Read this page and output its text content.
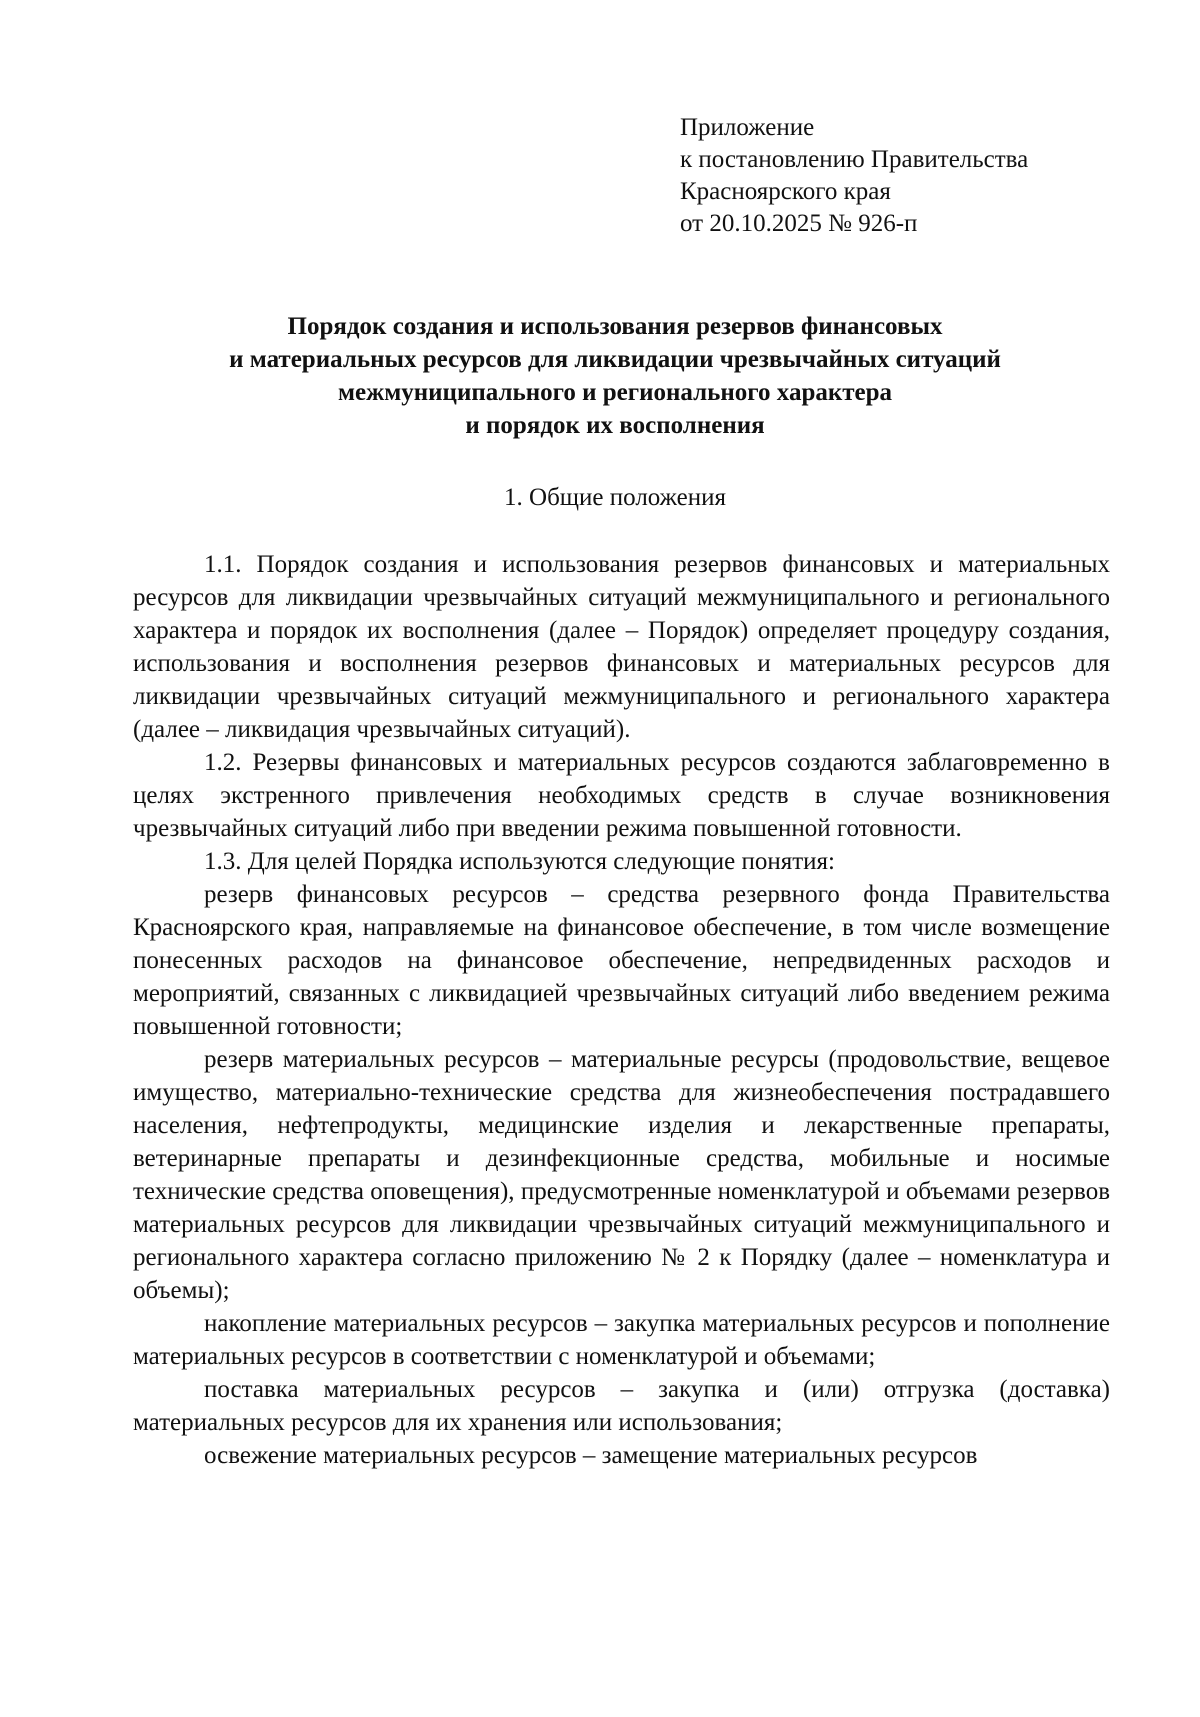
Приложение
к постановлению Правительства
Красноярского края
от 20.10.2025 № 926-п
Порядок создания и использования резервов финансовых
и материальных ресурсов для ликвидации чрезвычайных ситуаций
межмуниципального и регионального характера
и порядок их восполнения
1. Общие положения

1.1. Порядок создания и использования резервов финансовых и материальных ресурсов для ликвидации чрезвычайных ситуаций межмуниципального и регионального характера и порядок их восполнения (далее – Порядок) определяет процедуру создания, использования и восполнения резервов финансовых и материальных ресурсов для ликвидации чрезвычайных ситуаций межмуниципального и регионального характера (далее – ликвидация чрезвычайных ситуаций).

1.2. Резервы финансовых и материальных ресурсов создаются заблаговременно в целях экстренного привлечения необходимых средств в случае возникновения чрезвычайных ситуаций либо при введении режима повышенной готовности.

1.3. Для целей Порядка используются следующие понятия:

резерв финансовых ресурсов – средства резервного фонда Правительства Красноярского края, направляемые на финансовое обеспечение, в том числе возмещение понесенных расходов на финансовое обеспечение, непредвиденных расходов и мероприятий, связанных с ликвидацией чрезвычайных ситуаций либо введением режима повышенной готовности;

резерв материальных ресурсов – материальные ресурсы (продовольствие, вещевое имущество, материально-технические средства для жизнеобеспечения пострадавшего населения, нефтепродукты, медицинские изделия и лекарственные препараты, ветеринарные препараты и дезинфекционные средства, мобильные и носимые технические средства оповещения), предусмотренные номенклатурой и объемами резервов материальных ресурсов для ликвидации чрезвычайных ситуаций межмуниципального и регионального характера согласно приложению № 2 к Порядку (далее – номенклатура и объемы);

накопление материальных ресурсов – закупка материальных ресурсов и пополнение материальных ресурсов в соответствии с номенклатурой и объемами;

поставка материальных ресурсов – закупка и (или) отгрузка (доставка) материальных ресурсов для их хранения или использования;

освежение материальных ресурсов – замещение материальных ресурсов
